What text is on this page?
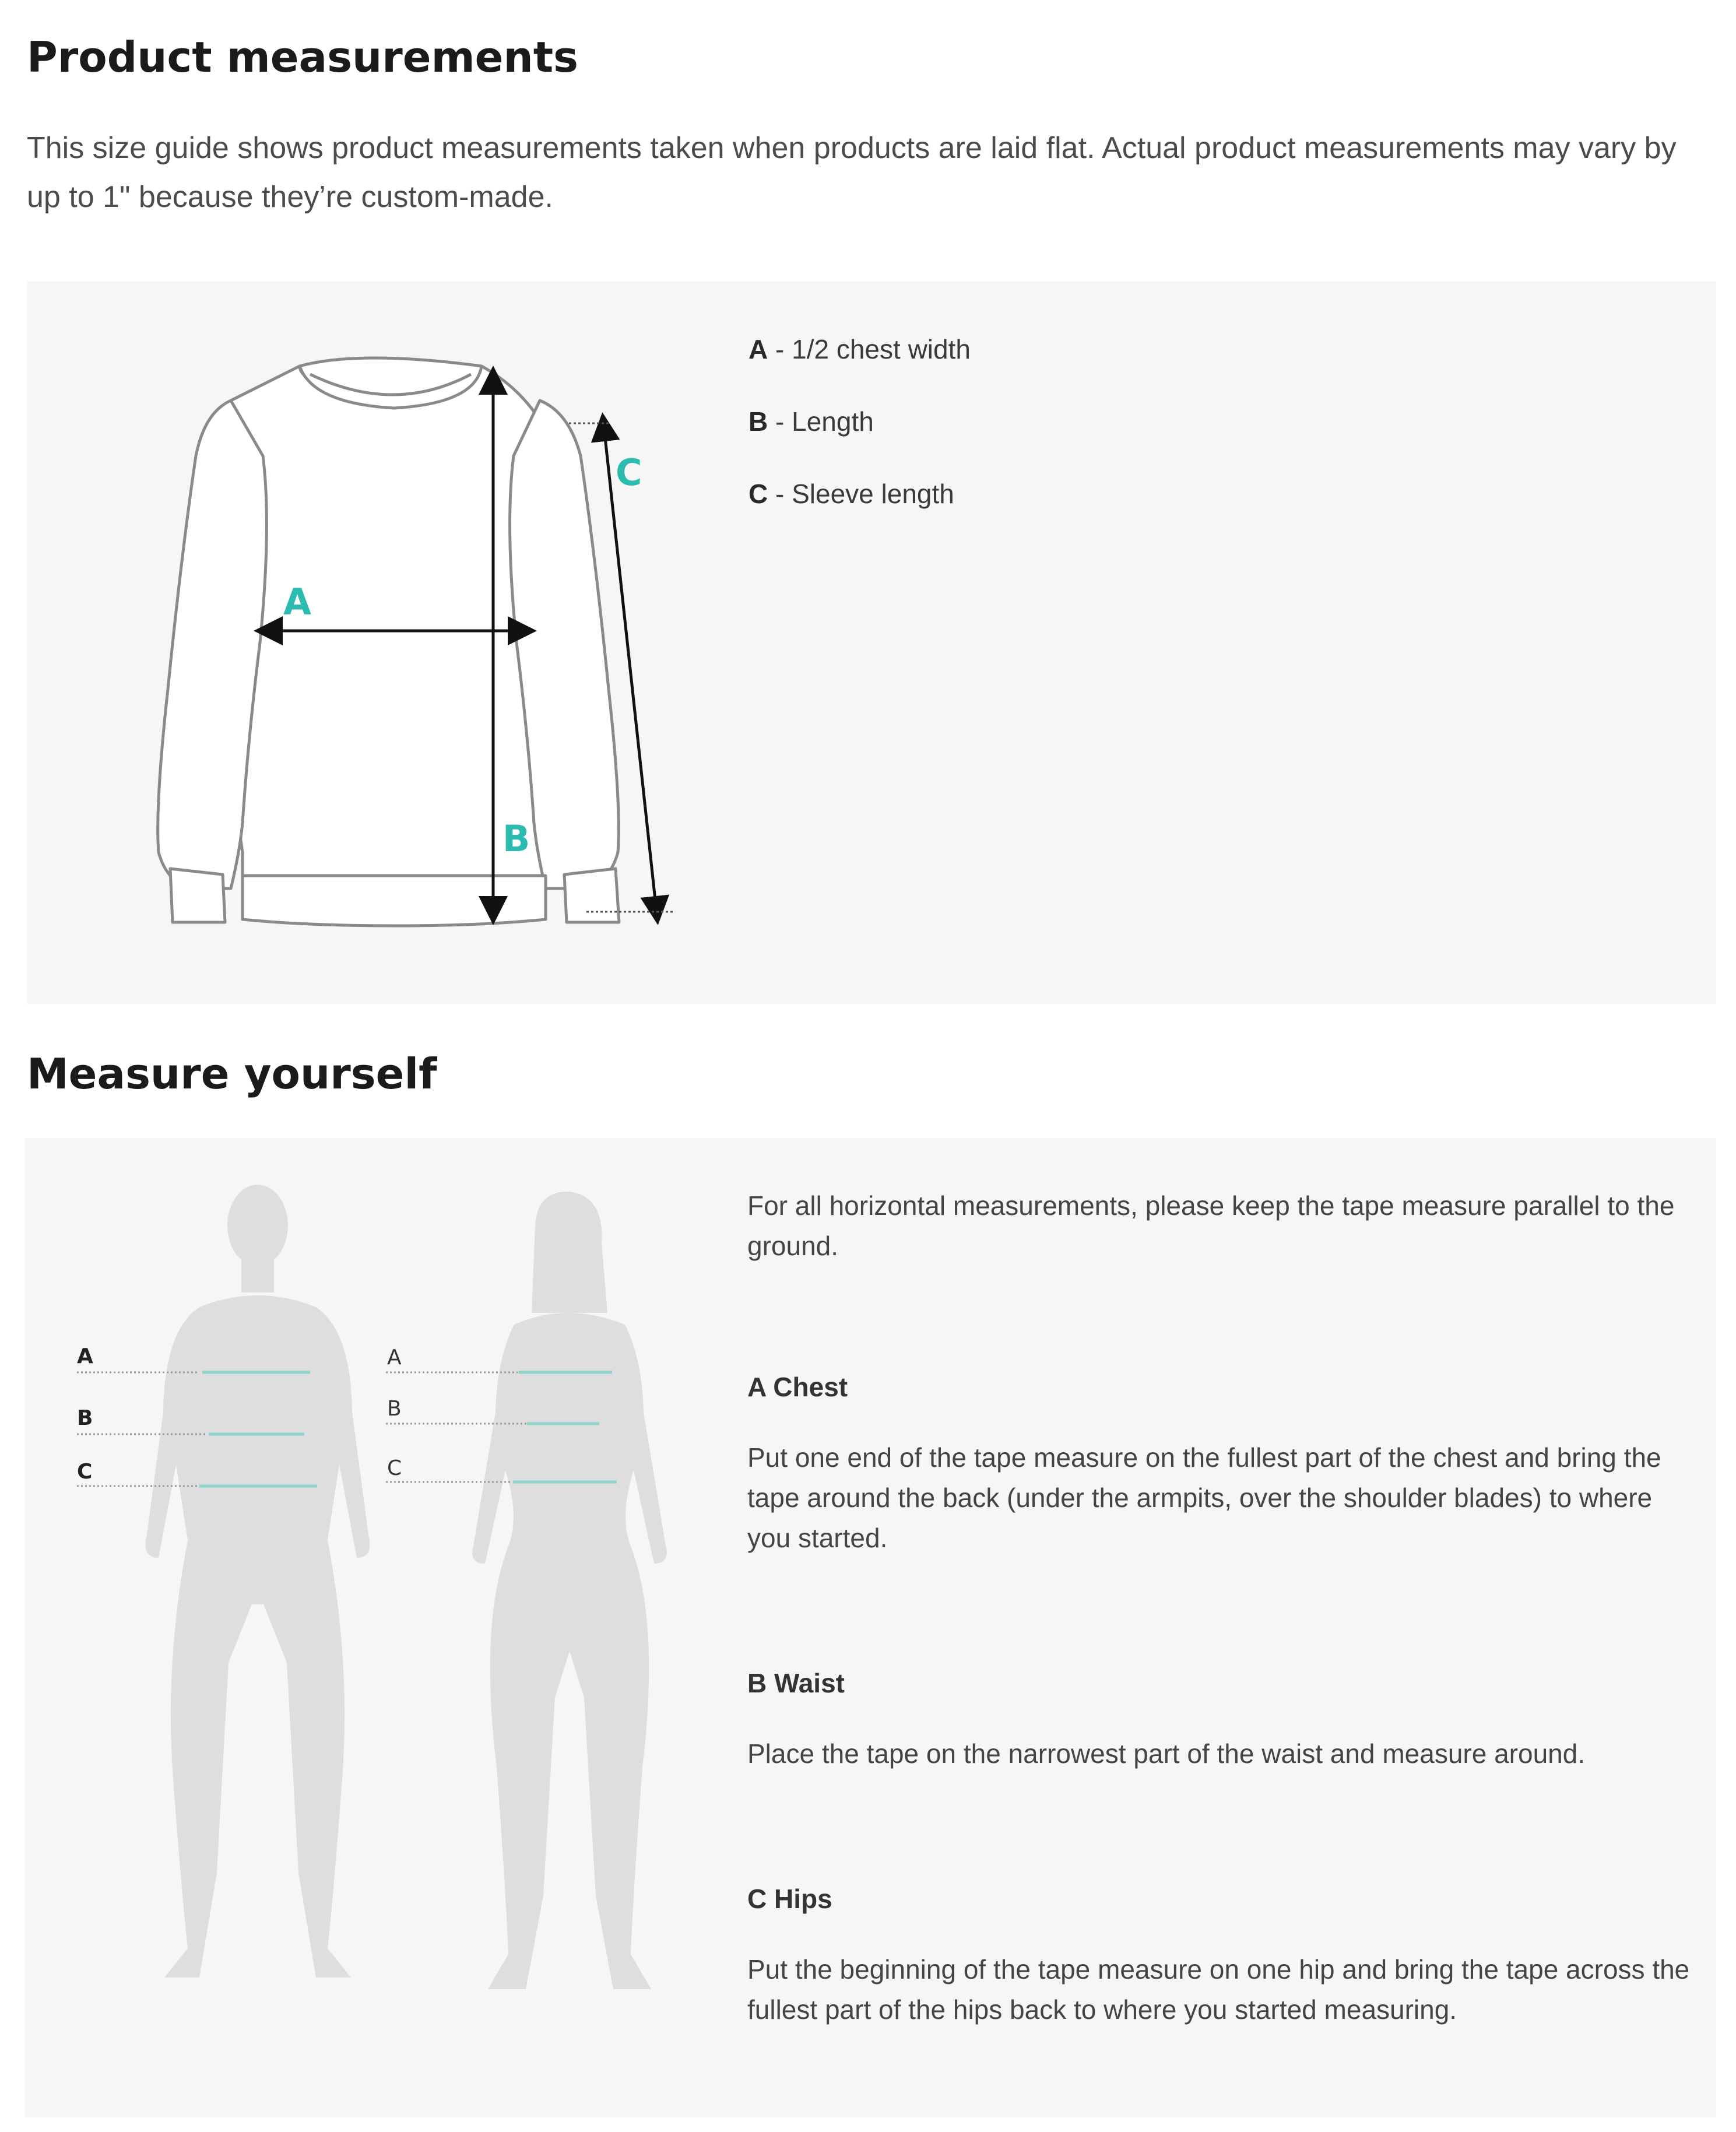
Product measurements
This size guide shows product measurements taken when products are laid flat. Actual product measurements may vary by up to 1" because they’re custom-made.
A
B
C
A - 1/2 chest width
B - Length
C - Sleeve length
Measure yourself
A
B
C
A
B
C
For all horizontal measurements, please keep the tape measure parallel to the ground.
A Chest
Put one end of the tape measure on the fullest part of the chest and bring the tape around the back (under the armpits, over the shoulder blades) to where you started.
B Waist
Place the tape on the narrowest part of the waist and measure around.
C Hips
Put the beginning of the tape measure on one hip and bring the tape across the fullest part of the hips back to where you started measuring.
